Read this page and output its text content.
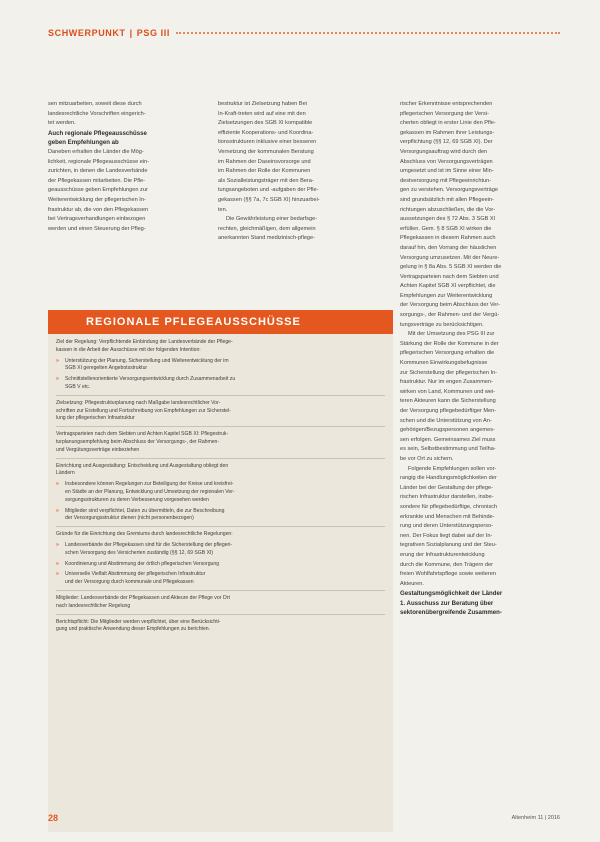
SCHWERPUNKT | PSG III

sen mitzuarbeiten, soweit diese durch
landesrechtliche Vorschriften eingerich-
tet werden.

Auch regionale Pflegeausschüsse
geben Empfehlungen ab

Daneben erhalten die Länder die Mög-
lichkeit, regionale Pflegeausschüsse ein-
zurichten, in denen die Landesverbände
der Pflegekassen mitarbeiten. Die Pfle-
geausschüsse geben Empfehlungen zur
Weiterentwicklung der pflegerischen In-
frastruktur ab, die von den Pflegekassen
bei Vertragsverhandlungen einbezogen
werden und einen Steuerung der Pfleg-

bestruktur ist Zielsetzung haben Bei
In-Kraft-treten wird auf eine mit den
Zielsetzungen des SGB XI kompatible
effiziente Kooperations- und Koordina-
tionsstrukturen inklusive einer besseren
Vernetzung der kommunalen Beratung
im Rahmen der Daseinsvorsorge und
im Rahmen der Rolle der Kommunen
als Sozialleistungsträger mit den Bera-
tungsangeboten und -aufgaben der Pfle-
gekassen (§§ 7a, 7c SGB XI) hinzuarbei-
ten.

Die Gewährleistung einer bedarfsge-
rechten, gleichmäßigen, dem allgemein
anerkannten Stand medizinisch-pflege-

rischer Erkenntnisse entsprechenden
pflegerischen Versorgung der Versi-
cherten obliegt in erster Linie den Pfle-
gekassen im Rahmen ihrer Leistungs-
verpflichtung (§§ 12, 69 SGB XI). Der
Versorgungsauftrag wird durch den
Abschluss von Versorgungsverträgen
umgesetzt und ist im Sinne einer Min-
destversorgung mit Pflegeeinrichtun-
gen zu verstehen. Versorgungsverträge
sind grundsätzlich mit allen Pflegeein-
richtungen abzuschließen, die die Vor-
aussetzungen des § 72 Abs. 3 SGB XI
erfüllen. Gem. § 8 SGB XI wirken die
Pflegekassen in diesem Rahmen auch
darauf hin, den Vorrang der häuslichen
Versorgung umzusetzen. Mit der Neure-
gelung in § 8a Abs. 5 SGB XI werden die
Vertragsparteien nach dem Siebten und
Achten Kapitel SGB XI verpflichtet, die
Empfehlungen zur Weiterentwicklung
der Versorgung beim Abschluss der Ver-
sorgungs-, der Rahmen- und der Vergü-
tungsverträge zu berücksichtigen.

Mit der Umsetzung des PSG III zur
Stärkung der Rolle der Kommune in der
pflegerischen Versorgung erhalten die
Kommunen Einwirkungsbefugnisse
zur Sicherstellung der pflegerischen In-
frastruktur. Nur im engen Zusammen-
wirken von Land, Kommunen und wei-
teren Akteuren kann die Sicherstellung
der Versorgung pflegebedürftiger Men-
schen und die Unterstützung von An-
gehörigen/Bezugspersonen angemes-
sen erfolgen. Gemeinsames Ziel muss
es sein, Selbstbestimmung und Teilha-
be vor Ort zu sichern.

Folgende Empfehlungen sollen vor-
rangig die Handlungsmöglichkeiten der
Länder bei der Gestaltung der pflege-
rischen Infrastruktur darstellen, insbe-
sondere für pflegebedürftige, chronisch
erkrankte und Menschen mit Behinde-
rung und deren Unterstützungsperso-
nen. Der Fokus liegt dabei auf der In-
tegrativen Sozialplanung und der Steu-
erung der Infrastrukturentwicklung
durch die Kommune, den Trägern der
freien Wohlfahrtspflege sowie weiteren
Akteuren.

Gestaltungsmöglichkeit der Länder
1. Ausschuss zur Beratung über
sektorenübergreifende Zusammen-

REGIONALE PFLEGEAUSSCHÜSSE

Ziel der Regelung: Verpflichtende Einbindung der Landesverbände der Pflege-
kassen in die Arbeit der Ausschüsse mit der folgenden Intention:

»	Unterstützung der Planung, Sicherstellung und Weiterentwicklung der im
SGB XI geregelten Angebotsstruktur
»	Schnittstellenorientierte Versorgungsentwicklung durch Zusammenarbeit zu
SGB V etc.

Zielsetzung: Pflegestrukturplanung nach Maßgabe landesrechtlicher Vor-
schriften zur Erstellung und Fortschreibung von Empfehlungen zur Sicherstel-
lung der pflegerischen Infrastruktur

Vertragsparteien nach dem Siebten und Achten Kapitel SGB XI: Pflegestruk-
turplanungsempfehlung beim Abschluss der Versorgungs-, der Rahmen-
und Vergütungsverträge einbeziehen

Einrichtung und Ausgestaltung: Entscheidung und Ausgestaltung obliegt den
Ländern

»	Insbesondere können Regelungen zur Beteiligung der Kreise und kreisfrei-
en Städte an der Planung, Entwicklung und Umsetzung der regionalen Ver-
sorgungsstrukturen zu deren Verbesserung vorgesehen werden
»	Mitglieder sind verpflichtet, Daten zu übermitteln, die zur Beschreibung
der Versorgungsstruktur dienen (nicht personenbezogen)

Gründe für die Einrichtung des Gremiums durch landesrechtliche Regelungen:

»	Landesverbände der Pflegekassen sind für die Sicherstellung der pflegeri-
schen Versorgung des Versicherten zuständig (§§ 12, 69 SGB XI)
»	Koordinierung und Abstimmung der örtlich pflegerischen Versorgung
»	Universelle Vielfalt Abstimmung der pflegerischen Infrastruktur
und der Versorgung durch kommunale und Pflegekassen

Mitglieder: Landesverbände der Pflegekassen und Akteure der Pflege vor Ort
nach landesrechtlicher Regelung

Berichtspflicht: Die Mitglieder werden verpflichtet, über eine Berücksichti-
gung und praktische Anwendung dieser Empfehlungen zu berichten.

28	Altenheim 11 | 2016
